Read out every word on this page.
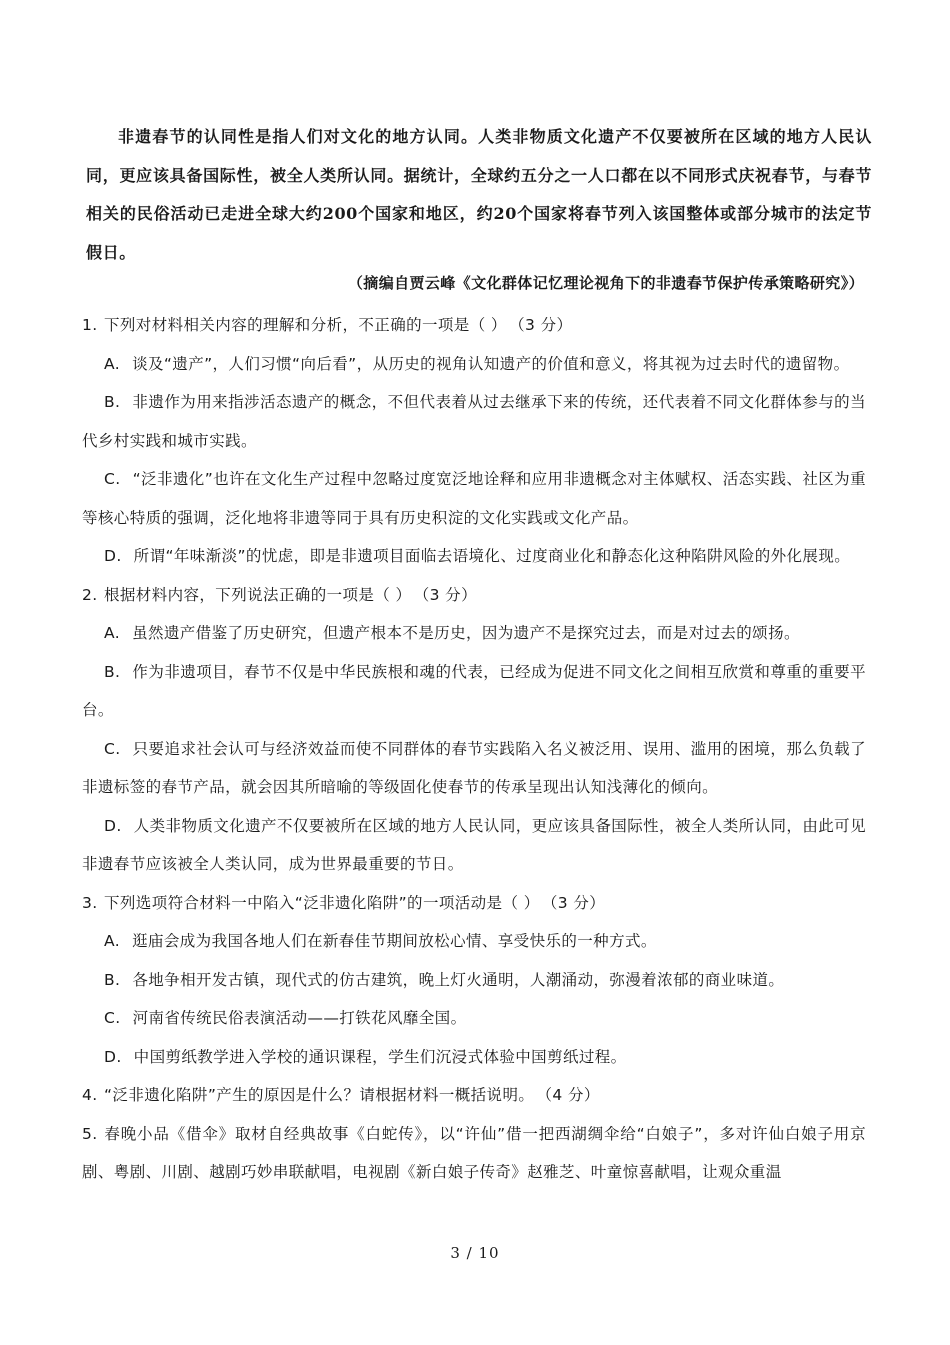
非遗春节的认同性是指人们对文化的地方认同。人类非物质文化遗产不仅要被所在区域的地方人民认同，更应该具备国际性，被全人类所认同。据统计，全球约五分之一人口都在以不同形式庆祝春节，与春节相关的民俗活动已走进全球大约200个国家和地区，约20个国家将春节列入该国整体或部分城市的法定节假日。

（摘编自贾云峰《文化群体记忆理论视角下的非遗春节保护传承策略研究》）

1. 下列对材料相关内容的理解和分析，不正确的一项是（ ） （3 分）

A. 谈及“遗产”，人们习惯“向后看”，从历史的视角认知遗产的价值和意义，将其视为过去时代的遗留物。

B. 非遗作为用来指涉活态遗产的概念，不但代表着从过去继承下来的传统，还代表着不同文化群体参与的当代乡村实践和城市实践。

C. “泛非遗化”也许在文化生产过程中忽略过度宽泛地诠释和应用非遗概念对主体赋权、活态实践、社区为重等核心特质的强调，泛化地将非遗等同于具有历史积淀的文化实践或文化产品。

D. 所谓“年味渐淡”的忧虑，即是非遗项目面临去语境化、过度商业化和静态化这种陷阱风险的外化展现。

2. 根据材料内容，下列说法正确的一项是（ ） （3 分）

A. 虽然遗产借鉴了历史研究，但遗产根本不是历史，因为遗产不是探究过去，而是对过去的颂扬。

B. 作为非遗项目，春节不仅是中华民族根和魂的代表，已经成为促进不同文化之间相互欣赏和尊重的重要平台。

C. 只要追求社会认可与经济效益而使不同群体的春节实践陷入名义被泛用、误用、滥用的困境，那么负载了非遗标签的春节产品，就会因其所暗喻的等级固化使春节的传承呈现出认知浅薄化的倾向。

D. 人类非物质文化遗产不仅要被所在区域的地方人民认同，更应该具备国际性，被全人类所认同，由此可见非遗春节应该被全人类认同，成为世界最重要的节日。

3. 下列选项符合材料一中陷入“泛非遗化陷阱”的一项活动是（ ） （3 分）

A. 逛庙会成为我国各地人们在新春佳节期间放松心情、享受快乐的一种方式。

B. 各地争相开发古镇，现代式的仿古建筑，晚上灯火通明，人潮涌动，弥漫着浓郁的商业味道。

C. 河南省传统民俗表演活动——打铁花风靡全国。

D. 中国剪纸教学进入学校的通识课程，学生们沉浸式体验中国剪纸过程。

4. “泛非遗化陷阱”产生的原因是什么？请根据材料一概括说明。 （4 分）

5. 春晚小品《借伞》取材自经典故事《白蛇传》，以“许仙”借一把西湖绸伞给“白娘子”，多对许仙白娘子用京剧、粤剧、川剧、越剧巧妙串联献唱，电视剧《新白娘子传奇》赵雅芝、叶童惊喜献唱，让观众重温

3 / 10
